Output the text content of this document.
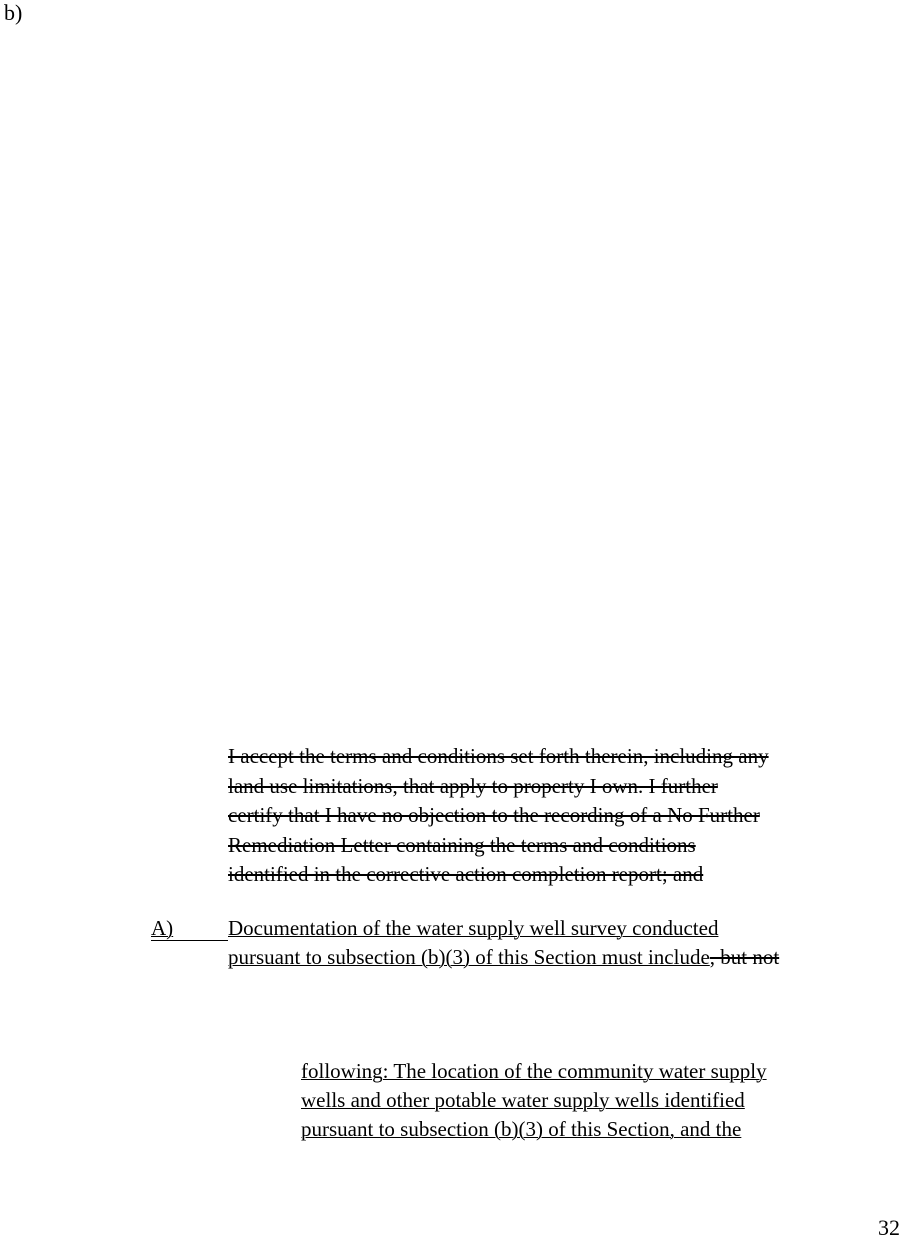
b)
I accept the terms and conditions set forth therein, including any
land use limitations, that apply to property I own. I further
certify that I have no objection to the recording of a No Further
Remediation Letter containing the terms and conditions
identified in the corrective action completion report; and
A)	Documentation of the water supply well survey conducted
pursuant to subsection (b)(3) of this Section must include, but not
following: The location of the community water supply
wells and other potable water supply wells identified
pursuant to subsection (b)(3) of this Section, and the
32
